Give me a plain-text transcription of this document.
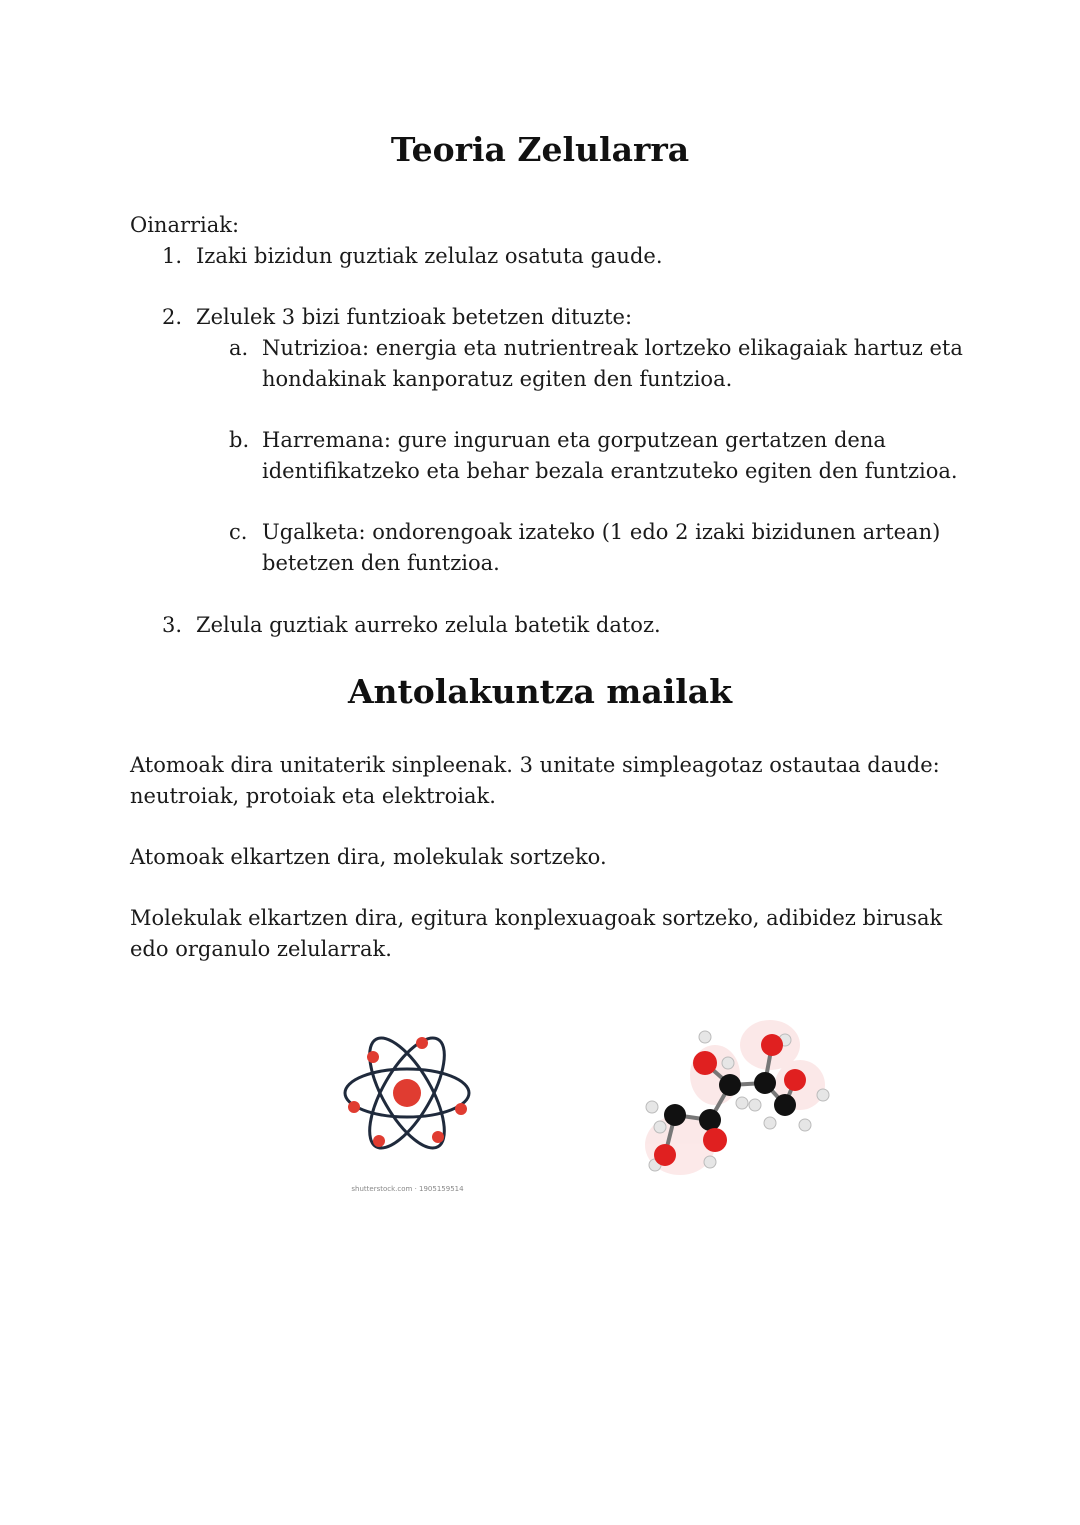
Teoria Zelularra

Oinarriak:

1. Izaki bizidun guztiak zelulaz osatuta gaude.

2. Zelulek 3 bizi funtzioak betetzen dituzte:

a. Nutrizioa: energia eta nutrientreak lortzeko elikagaiak hartuz eta

hondakinak kanporatuz egiten den funtzioa.

b. Harremana: gure inguruan eta gorputzean gertatzen dena

identifikatzeko eta behar bezala erantzuteko egiten den funtzioa.

c. Ugalketa: ondorengoak izateko (1 edo 2 izaki bizidunen artean)

betetzen den funtzioa.

3. Zelula guztiak aurreko zelula batetik datoz.

Antolakuntza mailak

Atomoak dira unitaterik sinpleenak. 3 unitate simpleagotaz ostautaa daude:

neutroiak, protoiak eta elektroiak.

Atomoak elkartzen dira, molekulak sortzeko.

Molekulak elkartzen dira, egitura konplexuagoak sortzeko, adibidez birusak

edo organulo zelularrak.

shutterstock.com · 1905159514
